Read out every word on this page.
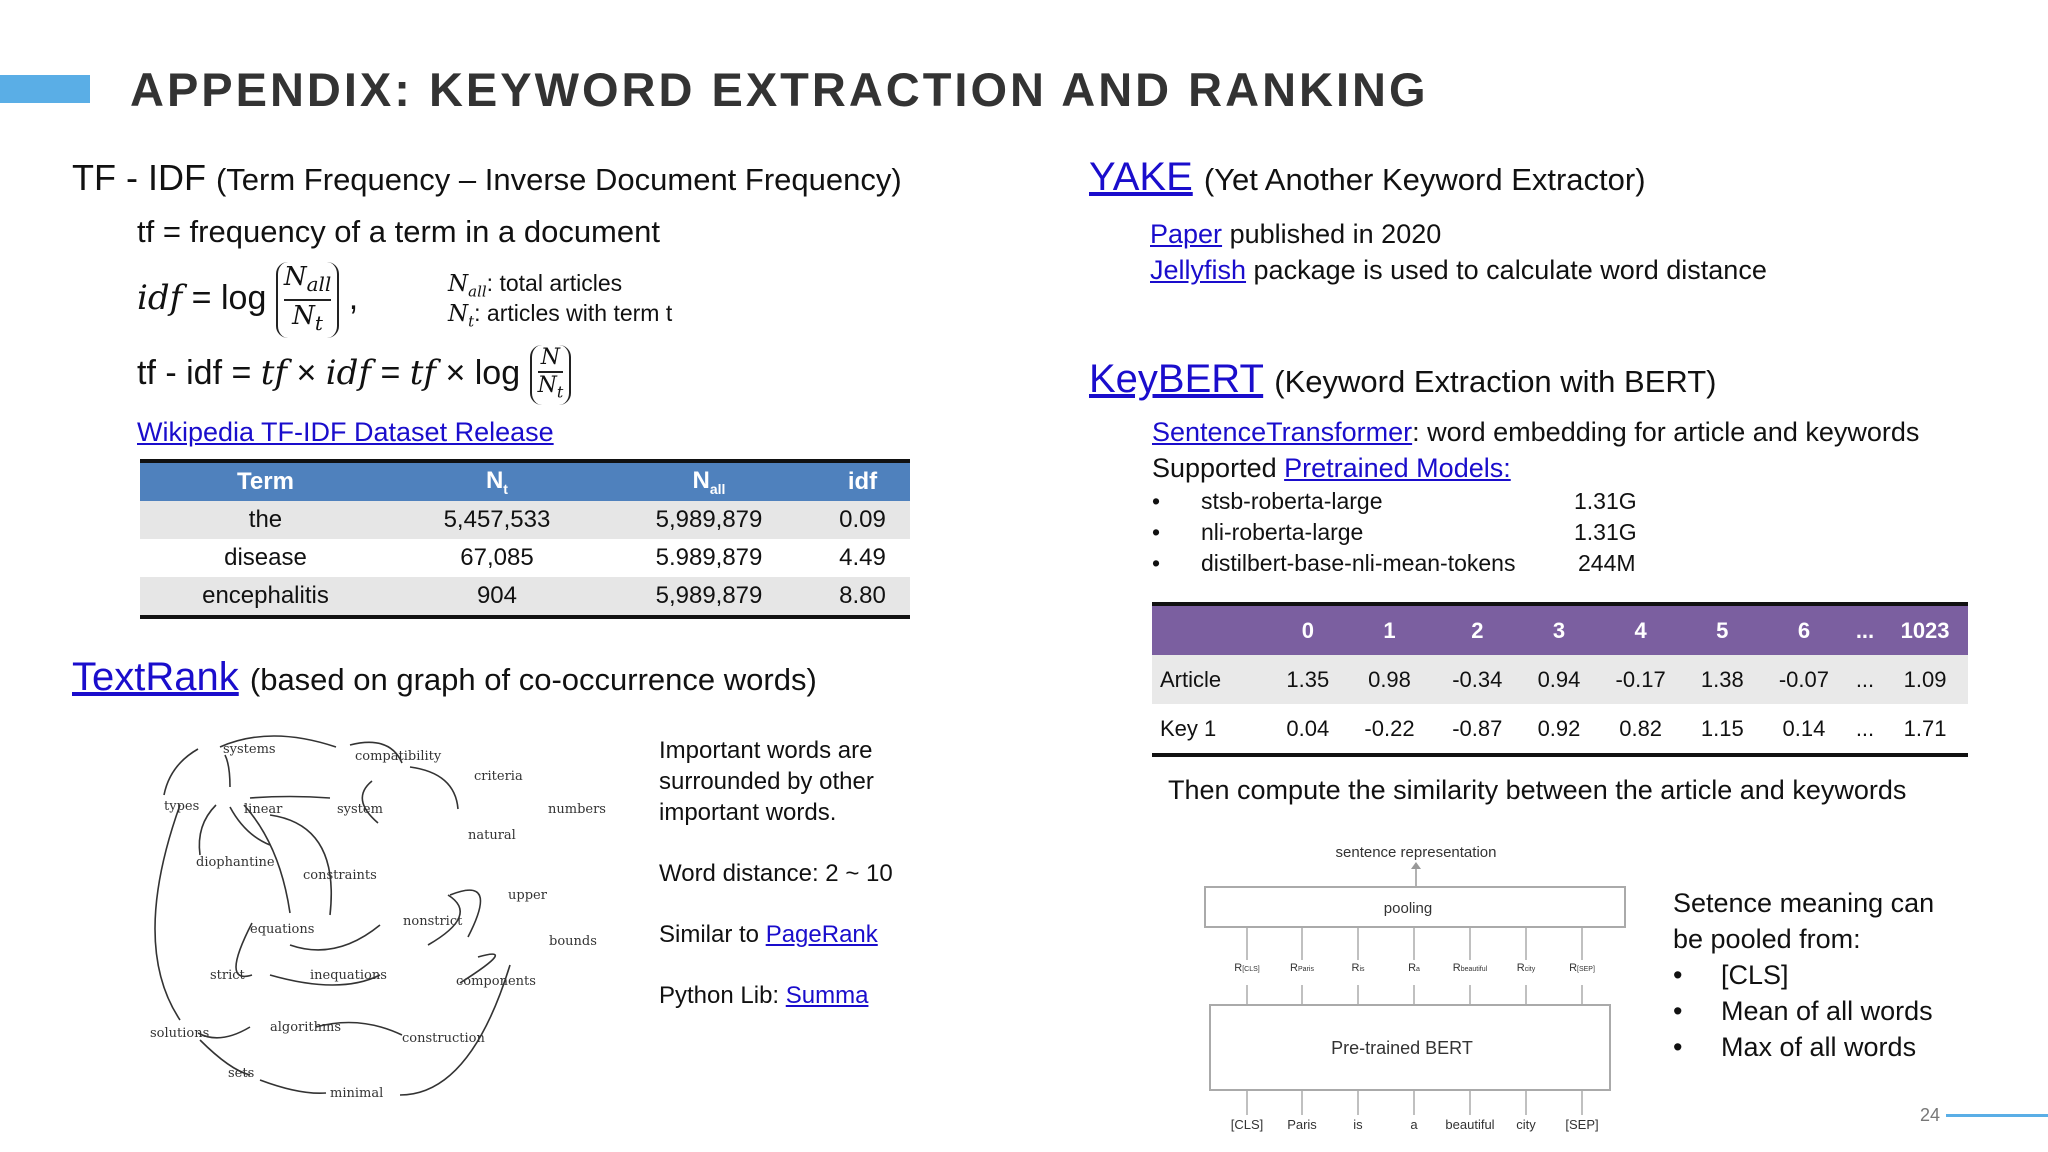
APPENDIX: KEYWORD EXTRACTION AND RANKING
TF - IDF (Term Frequency – Inverse Document Frequency)
tf = frequency of a term in a document
idf = log
$N_{all}$
$N_t$
,	$N_{all}$: total articles
$N_t$: articles with term t
tf - idf = tf × idf = tf × $\log \frac{N}{N_t}$
Wikipedia TF-IDF Dataset Release
Term	$N_t$	$N_{all}$	idf
the	5,457,533	5,989,879	0.09
disease	67,085	5.989,879	4.49
encephalitis	904	5,989,879	8.80
TextRank (based on graph of co-occurrence words)
systems	compatibility
criteria
types	linear	system	numbers
natural
diophantine
constraints
upper
nonstrict
equations
bounds
strict	inequations	components
algorithms
solutions	construction
sets
minimal
Important words are
surrounded by other
important words.
Word distance: 2 ~ 10
Similar to PageRank
Python Lib: Summa
YAKE (Yet Another Keyword Extractor)
Paper published in 2020
Jellyfish package is used to calculate word distance
KeyBERT (Keyword Extraction with BERT)
SentenceTransformer: word embedding for article and keywords
Supported Pretrained Models:
• stsb-roberta-large	1.31G
• nli-roberta-large	1.31G
• distilbert-base-nli-mean-tokens	244M
	0	1	2	3	4	5	6	...	1023
Article	1.35	0.98	-0.34	0.94	-0.17	1.38	-0.07	...	1.09
Key 1	0.04	-0.22	-0.87	0.92	0.82	1.15	0.14	...	1.71
Then compute the similarity between the article and keywords
sentence representation
pooling
R[CLS]	RParis	Ris	Ra	Rbeautiful	Rcity	R[SEP]
Pre-trained BERT
[CLS] Paris	is	a beautiful city [SEP]
Setence meaning can
be pooled from:
• [CLS]
• Mean of all words
• Max of all words
24
